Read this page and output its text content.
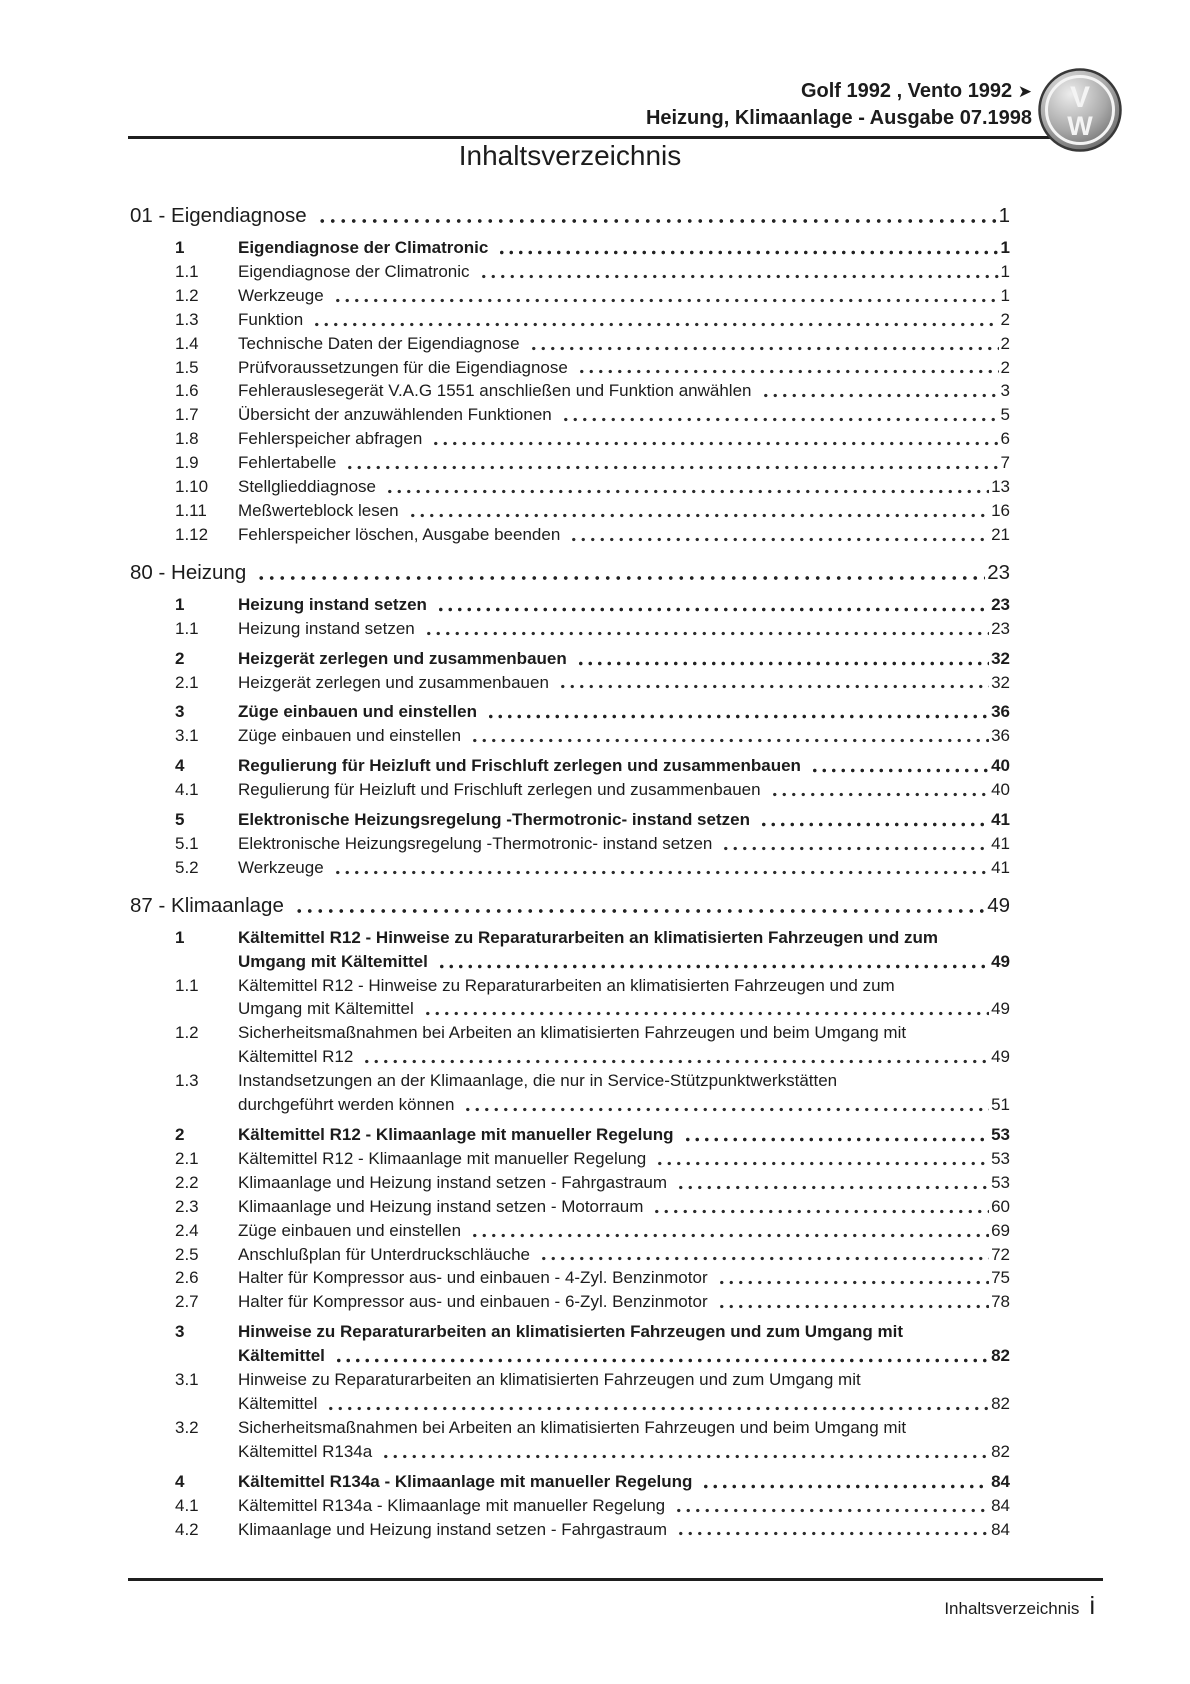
Golf 1992 , Vento 1992 ➤
Heizung, Klimaanlage - Ausgabe 07.1998
V
W
Inhaltsverzeichnis
01 - Eigendiagnose	1
1	Eigendiagnose der Climatronic	1
1.1	Eigendiagnose der Climatronic	1
1.2	Werkzeuge	1
1.3	Funktion	2
1.4	Technische Daten der Eigendiagnose	2
1.5	Prüfvoraussetzungen für die Eigendiagnose	2
1.6	Fehlerauslesegerät V.A.G 1551 anschließen und Funktion anwählen	3
1.7	Übersicht der anzuwählenden Funktionen	5
1.8	Fehlerspeicher abfragen	6
1.9	Fehlertabelle	7
1.10	Stellglieddiagnose	13
1.11	Meßwerteblock lesen	16
1.12	Fehlerspeicher löschen, Ausgabe beenden	21
80 - Heizung	23
1	Heizung instand setzen	23
1.1	Heizung instand setzen	23
2	Heizgerät zerlegen und zusammenbauen	32
2.1	Heizgerät zerlegen und zusammenbauen	32
3	Züge einbauen und einstellen	36
3.1	Züge einbauen und einstellen	36
4	Regulierung für Heizluft und Frischluft zerlegen und zusammenbauen	40
4.1	Regulierung für Heizluft und Frischluft zerlegen und zusammenbauen	40
5	Elektronische Heizungsregelung -Thermotronic- instand setzen	41
5.1	Elektronische Heizungsregelung -Thermotronic- instand setzen	41
5.2	Werkzeuge	41
87 - Klimaanlage	49
1	Kältemittel R12 - Hinweise zu Reparaturarbeiten an klimatisierten Fahrzeugen und zum
Umgang mit Kältemittel	49
1.1	Kältemittel R12 - Hinweise zu Reparaturarbeiten an klimatisierten Fahrzeugen und zum
Umgang mit Kältemittel	49
1.2	Sicherheitsmaßnahmen bei Arbeiten an klimatisierten Fahrzeugen und beim Umgang mit
Kältemittel R12	49
1.3	Instandsetzungen an der Klimaanlage, die nur in Service-Stützpunktwerkstätten
durchgeführt werden können	51
2	Kältemittel R12 - Klimaanlage mit manueller Regelung	53
2.1	Kältemittel R12 - Klimaanlage mit manueller Regelung	53
2.2	Klimaanlage und Heizung instand setzen - Fahrgastraum	53
2.3	Klimaanlage und Heizung instand setzen - Motorraum	60
2.4	Züge einbauen und einstellen	69
2.5	Anschlußplan für Unterdruckschläuche	72
2.6	Halter für Kompressor aus- und einbauen - 4-Zyl. Benzinmotor	75
2.7	Halter für Kompressor aus- und einbauen - 6-Zyl. Benzinmotor	78
3	Hinweise zu Reparaturarbeiten an klimatisierten Fahrzeugen und zum Umgang mit
Kältemittel	82
3.1	Hinweise zu Reparaturarbeiten an klimatisierten Fahrzeugen und zum Umgang mit
Kältemittel	82
3.2	Sicherheitsmaßnahmen bei Arbeiten an klimatisierten Fahrzeugen und beim Umgang mit
Kältemittel R134a	82
4	Kältemittel R134a - Klimaanlage mit manueller Regelung	84
4.1	Kältemittel R134a - Klimaanlage mit manueller Regelung	84
4.2	Klimaanlage und Heizung instand setzen - Fahrgastraum	84
Inhaltsverzeichnis i
